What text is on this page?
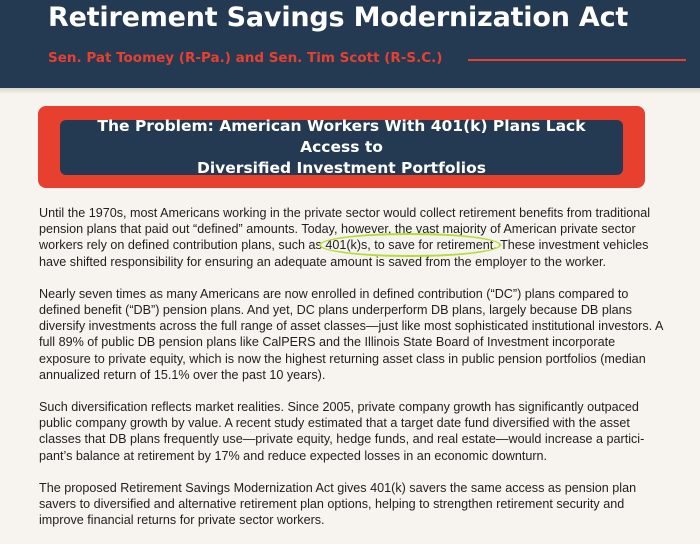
Retirement Savings Modernization Act
Sen. Pat Toomey (R-Pa.) and Sen. Tim Scott (R-S.C.)
The Problem: American Workers With 401(k) Plans Lack Access to
Diversified Investment Portfolios

Until the 1970s, most Americans working in the private sector would collect retirement benefits from traditional pension plans that paid out “defined” amounts. Today, however, the vast majority of American private sector workers rely on defined contribution plans, such as 401(k)s, to save for retirement.
These investment vehicles have shifted responsibility for ensuring an adequate amount is saved from the employer to the worker.

Nearly seven times as many Americans are now enrolled in defined contribution (“DC”) plans compared to defined benefit (“DB”) pension plans. And yet, DC plans underperform DB plans, largely because DB plans diversify investments across the full range of asset classes—just like most sophisticated institutional investors. A full 89% of public DB pension plans like CalPERS and the Illinois State Board of Investment incorporate exposure to private equity, which is now the highest returning asset class in public pension portfolios (median annualized return of 15.1% over the past 10 years).

Such diversification reflects market realities. Since 2005, private company growth has significantly outpaced public company growth by value. A recent study estimated that a target date fund diversified with the asset classes that DB plans frequently use—private equity, hedge funds, and real estate—would increase a partici-pant’s balance at retirement by 17% and reduce expected losses in an economic downturn.

The proposed Retirement Savings Modernization Act gives 401(k) savers the same access as pension plan savers to diversified and alternative retirement plan options, helping to strengthen retirement security and improve financial returns for private sector workers.
